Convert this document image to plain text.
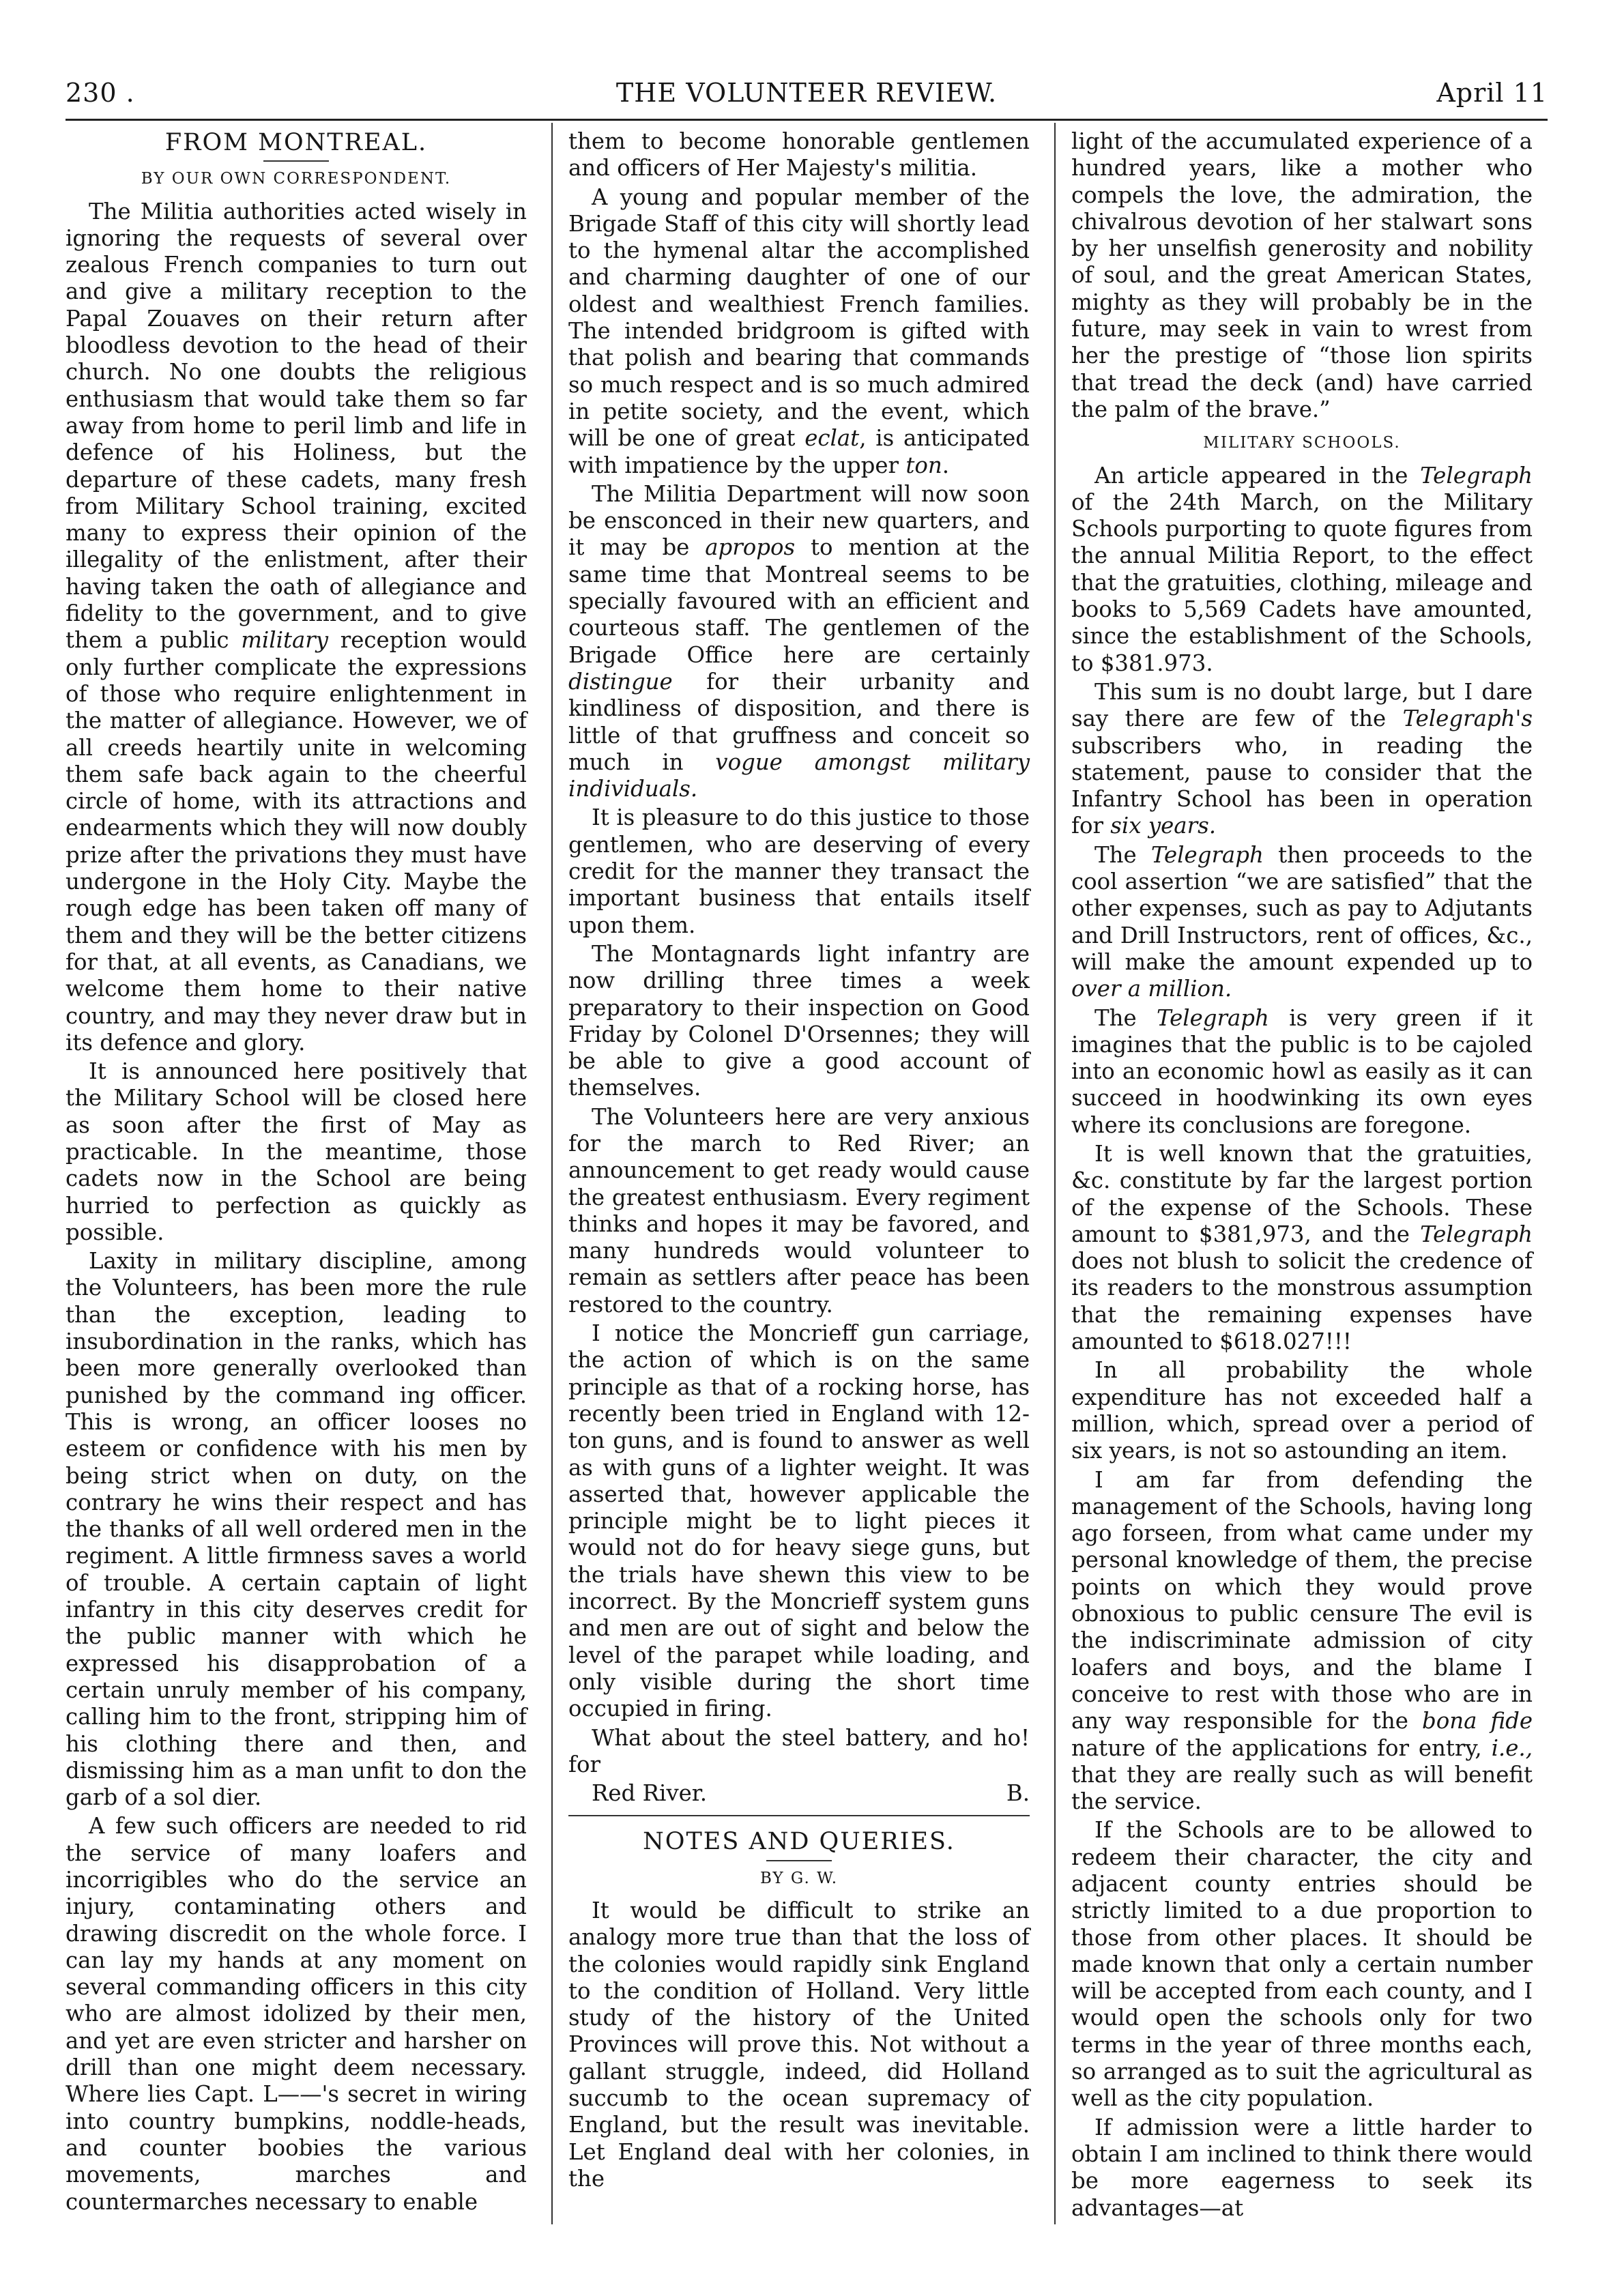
230 .	THE VOLUNTEER REVIEW.	April 11
FROM MONTREAL.
BY OUR OWN CORRESPONDENT.

The Militia authorities acted wisely in ignoring the requests of several over zealous French companies to turn out and give a military reception to the Papal Zouaves on their return after bloodless devotion to the head of their church. No one doubts the religious enthusiasm that would take them so far away from home to peril limb and life in defence of his Holiness, but the departure of these cadets, many fresh from Military School training, excited many to express their opinion of the illegality of the enlistment, after their having taken the oath of allegiance and fidelity to the government, and to give them a public military reception would only further complicate the expressions of those who require enlightenment in the matter of allegiance. However, we of all creeds heartily unite in welcoming them safe back again to the cheerful circle of home, with its attractions and endearments which they will now doubly prize after the privations they must have undergone in the Holy City. Maybe the rough edge has been taken off many of them and they will be the better citizens for that, at all events, as Canadians, we welcome them home to their native country, and may they never draw but in its defence and glory.

It is announced here positively that the Military School will be closed here as soon after the first of May as practicable. In the meantime, those cadets now in the School are being hurried to perfection as quickly as possible.

Laxity in military discipline, among the Volunteers, has been more the rule than the exception, leading to insubordination in the ranks, which has been more generally overlooked than punished by the command ing officer. This is wrong, an officer looses no esteem or confidence with his men by being strict when on duty, on the contrary he wins their respect and has the thanks of all well ordered men in the regiment. A little firmness saves a world of trouble. A certain captain of light infantry in this city deserves credit for the public manner with which he expressed his disapprobation of a certain unruly member of his company, calling him to the front, stripping him of his clothing there and then, and dismissing him as a man unfit to don the garb of a sol dier.

A few such officers are needed to rid the service of many loafers and incorrigibles who do the service an injury, contaminating others and drawing discredit on the whole force. I can lay my hands at any moment on several commanding officers in this city who are almost idolized by their men, and yet are even stricter and harsher on drill than one might deem necessary. Where lies Capt. L——'s secret in wiring into country bumpkins, noddle-heads, and counter boobies the various movements, marches and countermarches necessary to enable

them to become honorable gentlemen and officers of Her Majesty's militia.

A young and popular member of the Brigade Staff of this city will shortly lead to the hymenal altar the accomplished and charming daughter of one of our oldest and wealthiest French families. The intended bridgroom is gifted with that polish and bearing that commands so much respect and is so much admired in petite society, and the event, which will be one of great eclat, is anticipated with impatience by the upper ton.

The Militia Department will now soon be ensconced in their new quarters, and it may be apropos to mention at the same time that Montreal seems to be specially favoured with an efficient and courteous staff. The gentlemen of the Brigade Office here are certainly distingue for their urbanity and kindliness of disposition, and there is little of that gruffness and conceit so much in vogue amongst military individuals.

It is pleasure to do this justice to those gentlemen, who are deserving of every credit for the manner they transact the important business that entails itself upon them.

The Montagnards light infantry are now drilling three times a week preparatory to their inspection on Good Friday by Colonel D'Orsennes; they will be able to give a good account of themselves.

The Volunteers here are very anxious for the march to Red River; an announcement to get ready would cause the greatest enthusiasm. Every regiment thinks and hopes it may be favored, and many hundreds would volunteer to remain as settlers after peace has been restored to the country.

I notice the Moncrieff gun carriage, the action of which is on the same principle as that of a rocking horse, has recently been tried in England with 12-ton guns, and is found to answer as well as with guns of a lighter weight. It was asserted that, however applicable the principle might be to light pieces it would not do for heavy siege guns, but the trials have shewn this view to be incorrect. By the Moncrieff system guns and men are out of sight and below the level of the parapet while loading, and only visible during the short time occupied in firing.

What about the steel battery, and ho! for

Red River.	B.

NOTES AND QUERIES.
BY G. W.

It would be difficult to strike an analogy more true than that the loss of the colonies would rapidly sink England to the condition of Holland. Very little study of the history of the United Provinces will prove this. Not without a gallant struggle, indeed, did Holland succumb to the ocean supremacy of England, but the result was inevitable. Let England deal with her colonies, in the

light of the accumulated experience of a hundred years, like a mother who compels the love, the admiration, the chivalrous devotion of her stalwart sons by her unselfish generosity and nobility of soul, and the great American States, mighty as they will probably be in the future, may seek in vain to wrest from her the prestige of “those lion spirits that tread the deck (and) have carried the palm of the brave.”

MILITARY SCHOOLS.

An article appeared in the Telegraph of the 24th March, on the Military Schools purporting to quote figures from the annual Militia Report, to the effect that the gratuities, clothing, mileage and books to 5,569 Cadets have amounted, since the establishment of the Schools, to $381.973.

This sum is no doubt large, but I dare say there are few of the Telegraph's subscribers who, in reading the statement, pause to consider that the Infantry School has been in operation for six years.

The Telegraph then proceeds to the cool assertion “we are satisfied” that the other expenses, such as pay to Adjutants and Drill Instructors, rent of offices, &c., will make the amount expended up to over a million.

The Telegraph is very green if it imagines that the public is to be cajoled into an economic howl as easily as it can succeed in hoodwinking its own eyes where its conclusions are foregone.

It is well known that the gratuities, &c. constitute by far the largest portion of the expense of the Schools. These amount to $381,973, and the Telegraph does not blush to solicit the credence of its readers to the monstrous assumption that the remaining expenses have amounted to $618.027!!!

In all probability the whole expenditure has not exceeded half a million, which, spread over a period of six years, is not so astounding an item.

I am far from defending the management of the Schools, having long ago forseen, from what came under my personal knowledge of them, the precise points on which they would prove obnoxious to public censure The evil is the indiscriminate admission of city loafers and boys, and the blame I conceive to rest with those who are in any way responsible for the bona fide nature of the applications for entry, i.e., that they are really such as will benefit the service.

If the Schools are to be allowed to redeem their character, the city and adjacent county entries should be strictly limited to a due proportion to those from other places. It should be made known that only a certain number will be accepted from each county, and I would open the schools only for two terms in the year of three months each, so arranged as to suit the agricultural as well as the city population.

If admission were a little harder to obtain I am inclined to think there would be more eagerness to seek its advantages—at
